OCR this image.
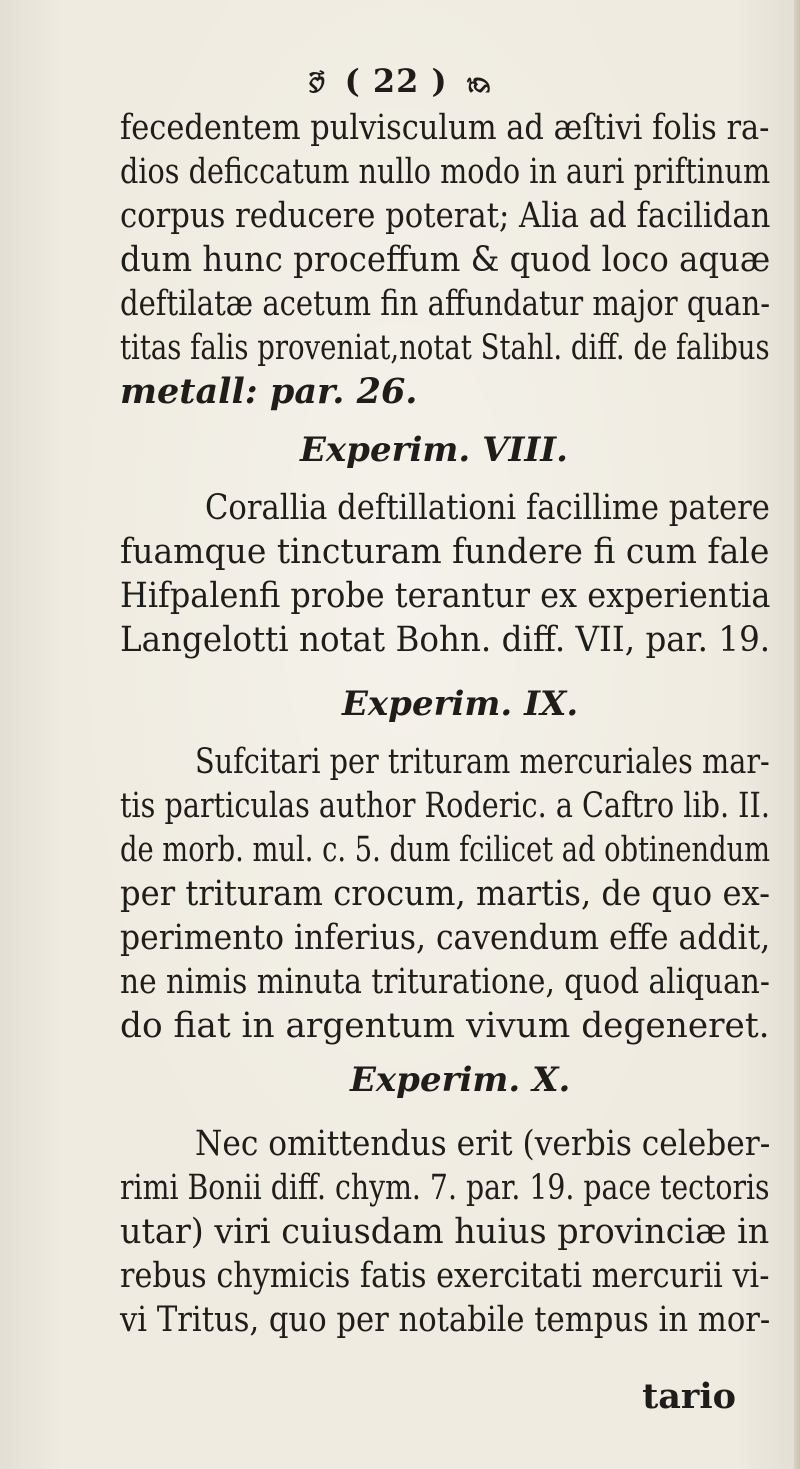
🙑 ( 22 ) 🙒
fecedentem pulvisculum ad æſtivi folis ra-
dios deficcatum nullo modo in auri priftinum
corpus reducere poterat; Alia ad facilidan
dum hunc proceffum & quod loco aquæ
deftilatæ acetum fin affundatur major quan-
titas falis proveniat,notat Stahl. diff. de falibus
metall: par. 26.
Experim. VIII.
Corallia deftillationi facillime patere
fuamque tincturam fundere fi cum fale
Hifpalenfi probe terantur ex experientia
Langelotti notat Bohn. diff. VII, par. 19.
Experim. IX.
Sufcitari per trituram mercuriales mar-
tis particulas author Roderic. a Caftro lib. II.
de morb. mul. c. 5. dum fcilicet ad obtinendum
per trituram crocum, martis, de quo ex-
perimento inferius, cavendum effe addit,
ne nimis minuta trituratione, quod aliquan-
do fiat in argentum vivum degeneret.
Experim. X.
Nec omittendus erit (verbis celeber-
rimi Bonii diff. chym. 7. par. 19. pace tectoris
utar) viri cuiusdam huius provinciæ in
rebus chymicis fatis exercitati mercurii vi-
vi Tritus, quo per notabile tempus in mor-
tario
